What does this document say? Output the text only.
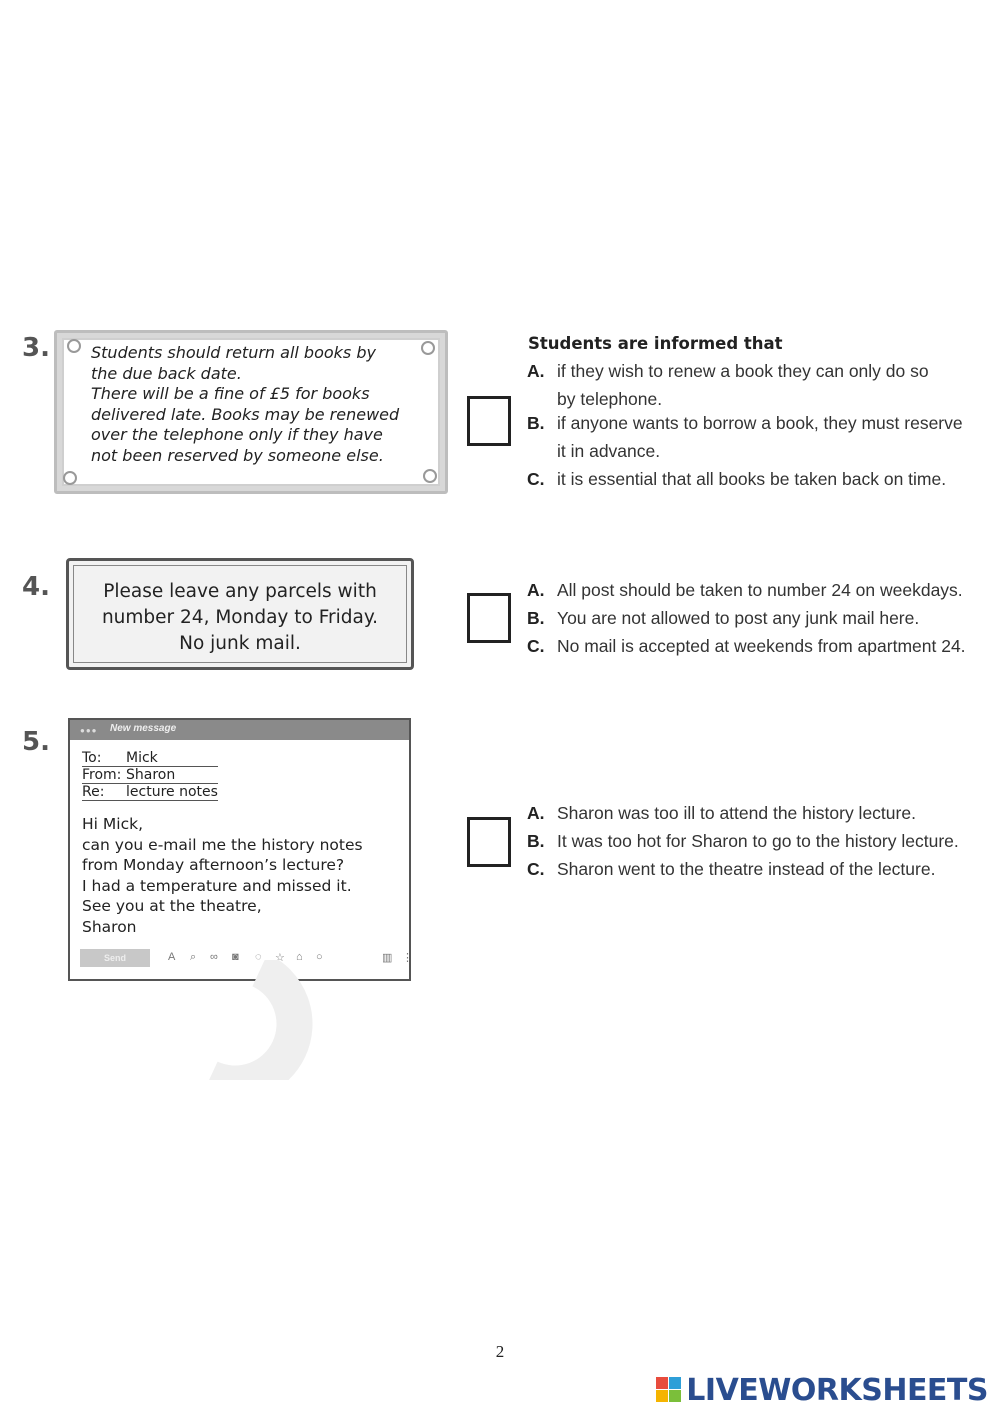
3.	Students should return all books by
the due back date.
There will be a fine of £5 for books
delivered late. Books may be renewed
over the telephone only if they have
not been reserved by someone else.
Students are informed that
A. if they wish to renew a book they can only do so
by telephone.
B. if anyone wants to borrow a book, they must reserve
it in advance.
C. it is essential that all books be taken back on time.
4.	Please leave any parcels with
number 24, Monday to Friday.
No junk mail.
A. All post should be taken to number 24 on weekdays.
B. You are not allowed to post any junk mail here.
C. No mail is accepted at weekends from apartment 24.
5.	●●● New message
To: Mick
From: Sharon
Re: lecture notes
Hi Mick,
can you e-mail me the history notes
from Monday afternoon’s lecture?
I had a temperature and missed it.
See you at the theatre,
Sharon
Send	A ⌕ ∞ ◙ ◌ ☆ ⌂ ○	▥ ⋮
A. Sharon was too ill to attend the history lecture.
B. It was too hot for Sharon to go to the history lecture.
C. Sharon went to the theatre instead of the lecture.
2
LIVEWORKSHEETS
